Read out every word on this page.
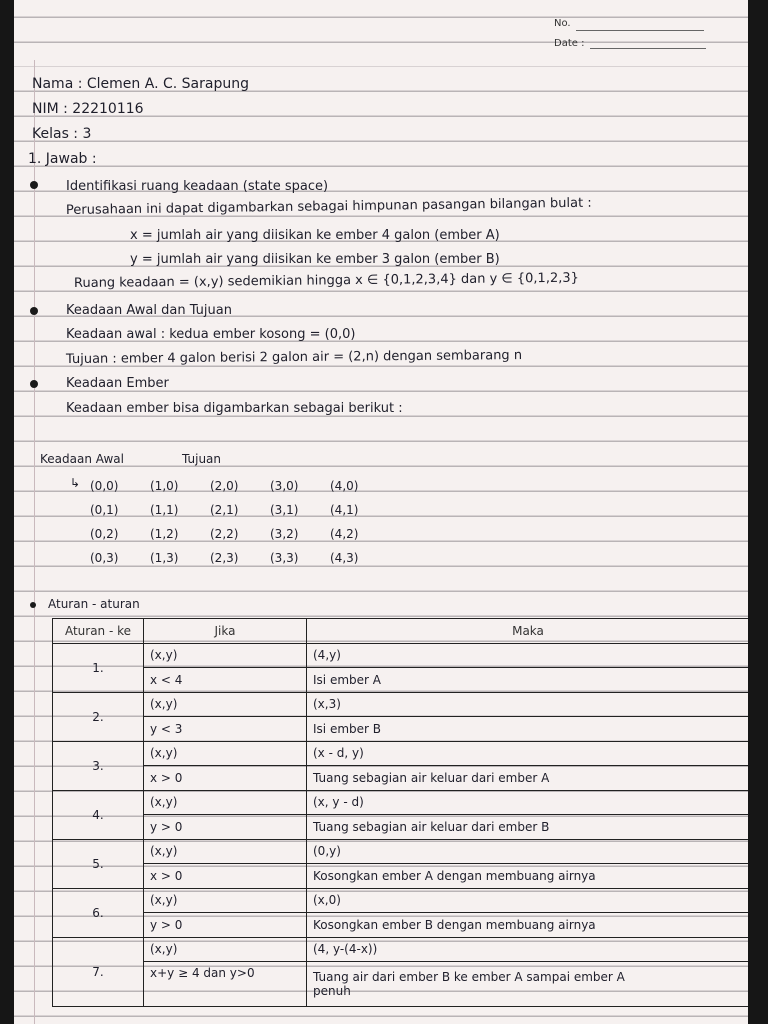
No.
Date :
Nama : Clemen A. C. Sarapung
NIM : 22210116
Kelas : 3
1. Jawab :
Identifikasi ruang keadaan (state space)
Perusahaan ini dapat digambarkan sebagai himpunan pasangan bilangan bulat :
x = jumlah air yang diisikan ke ember 4 galon (ember A)
y = jumlah air yang diisikan ke ember 3 galon (ember B)
Ruang keadaan = (x,y) sedemikian hingga x ∈ {0,1,2,3,4} dan y ∈ {0,1,2,3}
Keadaan Awal dan Tujuan
Keadaan awal : kedua ember kosong = (0,0)
Tujuan : ember 4 galon berisi 2 galon air = (2,n) dengan sembarang n
Keadaan Ember
Keadaan ember bisa digambarkan sebagai berikut :
Keadaan Awal	Tujuan
↳ (0,0)	(1,0)	(2,0)	(3,0)	(4,0)
(0,1)	(1,1)	(2,1)	(3,1)	(4,1)
(0,2)	(1,2)	(2,2)	(3,2)	(4,2)
(0,3)	(1,3)	(2,3)	(3,3)	(4,3)
Aturan - aturan
Aturan - ke	Jika	Maka
1.	(x,y)	(4,y)
	x < 4	Isi ember A
2.	(x,y)	(x,3)
	y < 3	Isi ember B
3.	(x,y)	(x - d, y)
	x > 0	Tuang sebagian air keluar dari ember A
4.	(x,y)	(x, y - d)
	y > 0	Tuang sebagian air keluar dari ember B
5.	(x,y)	(0,y)
	x > 0	Kosongkan ember A dengan membuang airnya
6.	(x,y)	(x,0)
	y > 0	Kosongkan ember B dengan membuang airnya
7.	(x,y)	(4, y-(4-x))
	x+y ≥ 4 dan y>0	Tuang air dari ember B ke ember A sampai ember A
penuh
